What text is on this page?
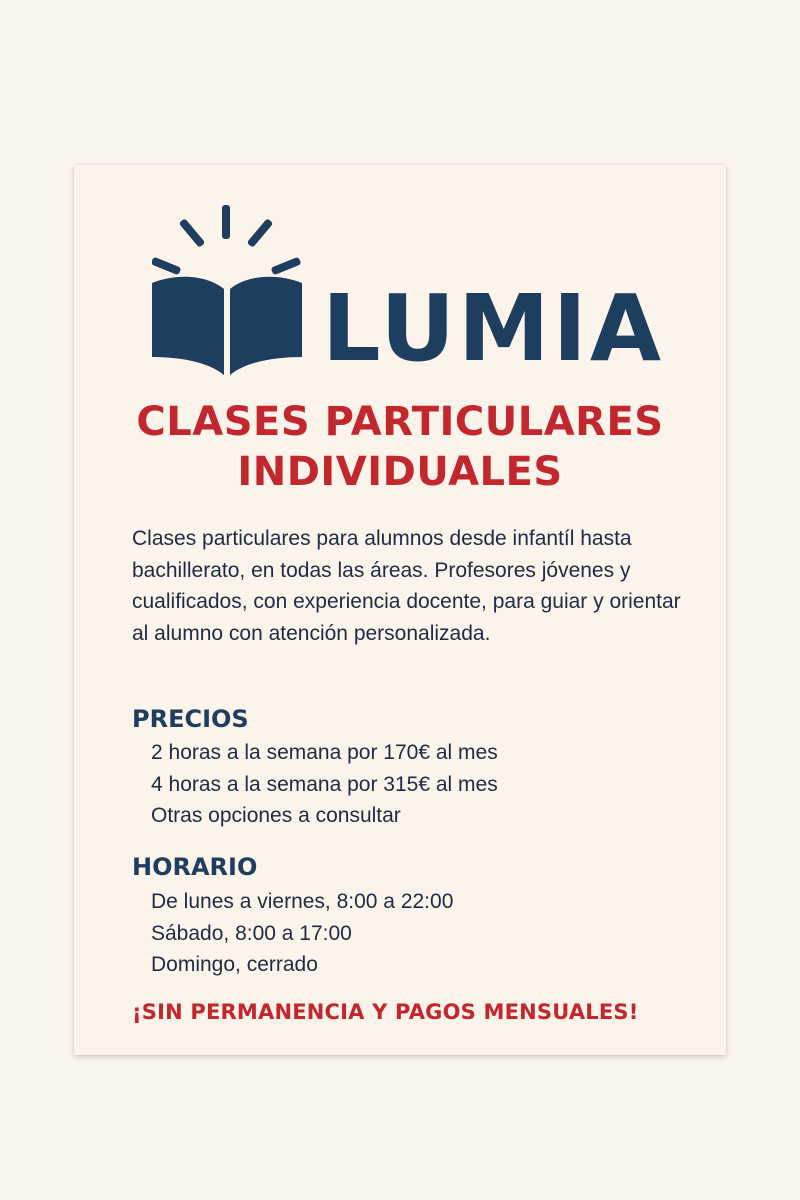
LUMIA
CLASES PARTICULARES
INDIVIDUALES
Clases particulares para alumnos desde infantíl hasta bachillerato, en todas las áreas. Profesores jóvenes y cualificados, con experiencia docente, para guiar y orientar al alumno con atención personalizada.
PRECIOS
2 horas a la semana por 170€ al mes
4 horas a la semana por 315€ al mes
Otras opciones a consultar
HORARIO
De lunes a viernes, 8:00 a 22:00
Sábado, 8:00 a 17:00
Domingo, cerrado
¡SIN PERMANENCIA Y PAGOS MENSUALES!
